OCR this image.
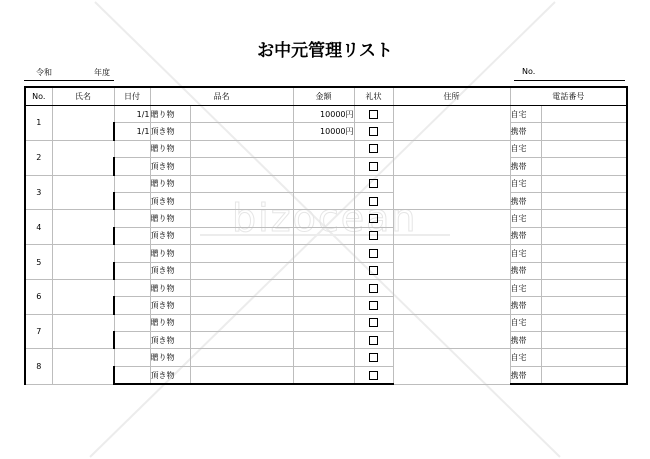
bizocean
お中元管理リスト
令和	年度	No.
No.	氏名	日付	品名		金額	礼状	住所	電話番号	
1		1/1	贈り物		10000円			自宅	
		1/1	頂き物		10000円			携帯	
2			贈り物					自宅	
			頂き物					携帯	
3			贈り物					自宅	
			頂き物					携帯	
4			贈り物					自宅	
			頂き物					携帯	
5			贈り物					自宅	
			頂き物					携帯	
6			贈り物					自宅	
			頂き物					携帯	
7			贈り物					自宅	
			頂き物					携帯	
8			贈り物					自宅	
			頂き物					携帯	
